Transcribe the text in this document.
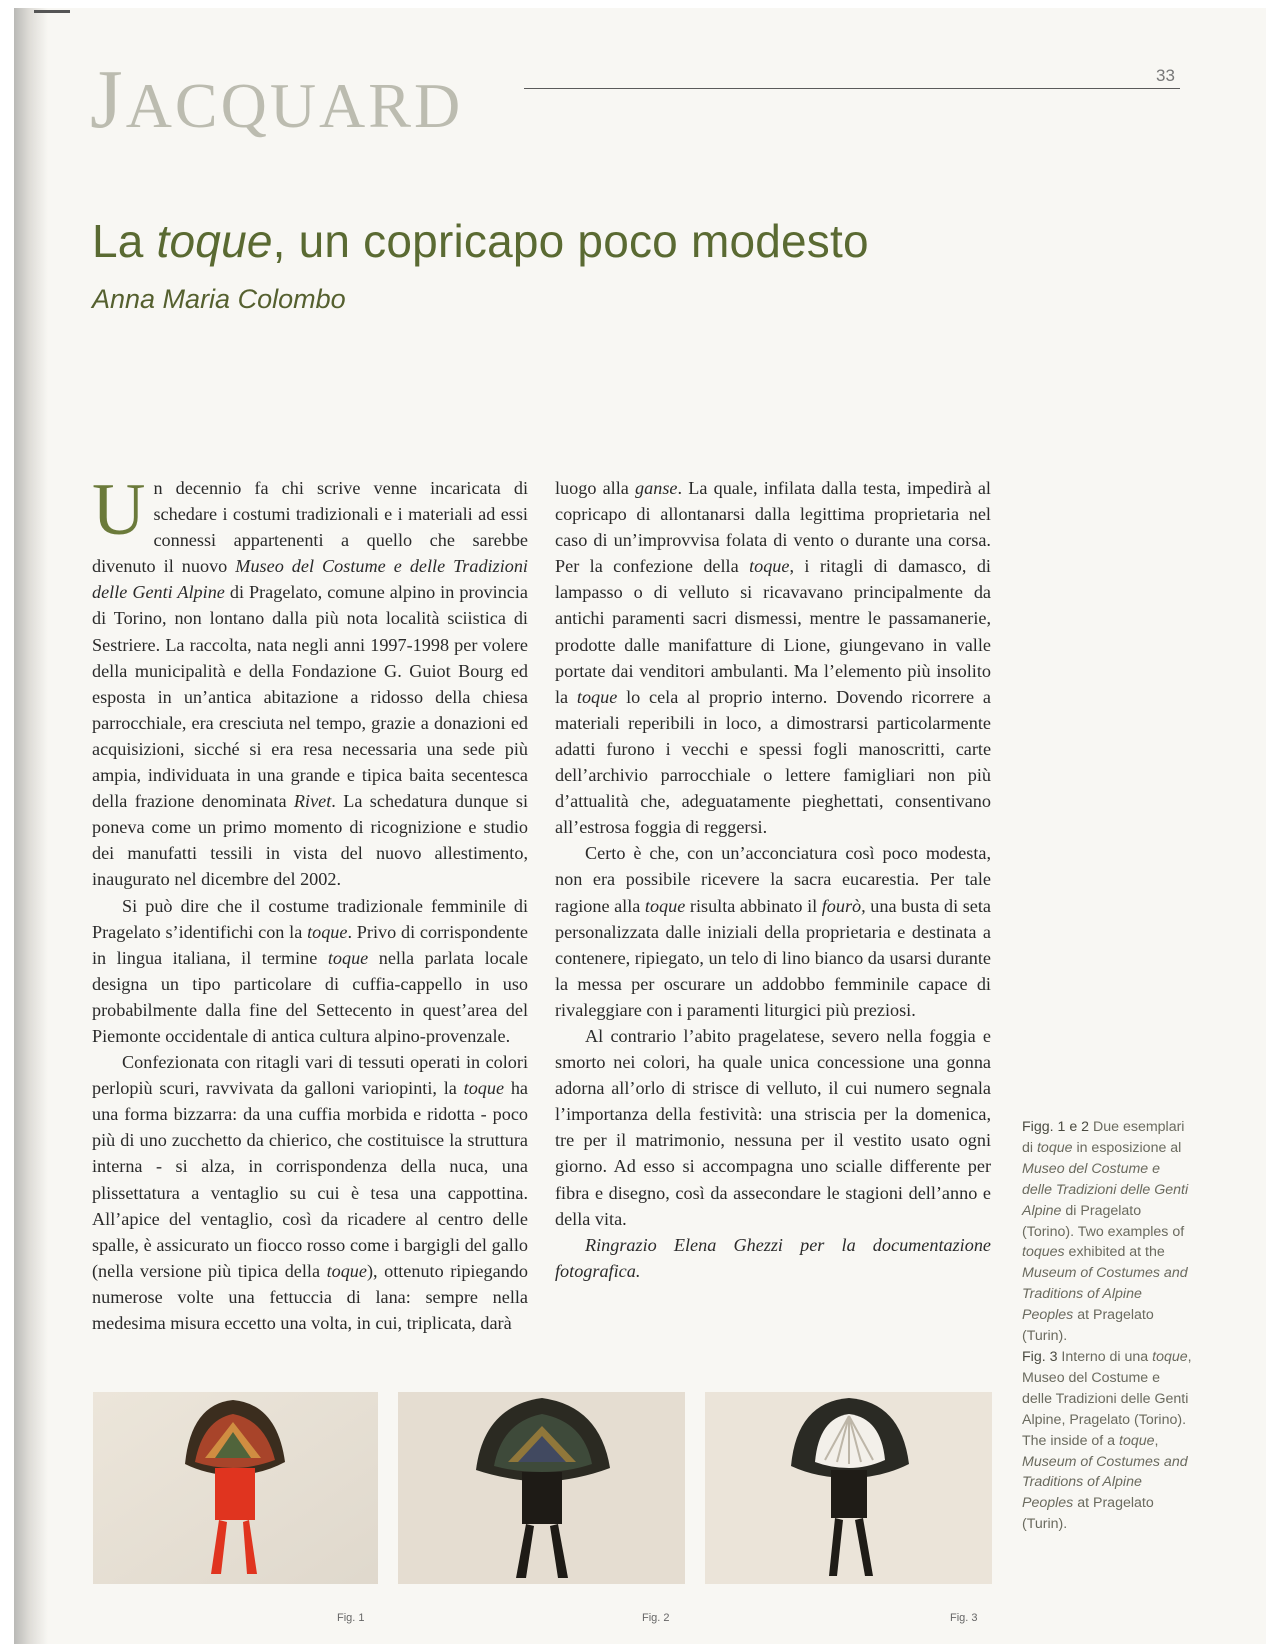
JACQUARD	33
La toque, un copricapo poco modesto
Anna Maria Colombo

Un decennio fa chi scrive venne incaricata di schedare i costumi tradizionali e i materiali ad essi connessi appartenenti a quello che sarebbe divenuto il nuovo Museo del Costume e delle Tradizioni delle Genti Alpine di Pragelato, comune alpino in provincia di Torino, non lontano dalla più nota località sciistica di Sestriere. La raccolta, nata negli anni 1997-1998 per volere della municipalità e della Fondazione G. Guiot Bourg ed esposta in un’antica abitazione a ridosso della chiesa parrocchiale, era cresciuta nel tempo, grazie a donazioni ed acquisizioni, sicché si era resa necessaria una sede più ampia, individuata in una grande e tipica baita secentesca della frazione denominata Rivet. La schedatura dunque si poneva come un primo momento di ricognizione e studio dei manufatti tessili in vista del nuovo allestimento, inaugurato nel dicembre del 2002.

Si può dire che il costume tradizionale femminile di Pragelato s’identifichi con la toque. Privo di corrispondente in lingua italiana, il termine toque nella parlata locale designa un tipo particolare di cuffia-cappello in uso probabilmente dalla fine del Settecento in quest’area del Piemonte occidentale di antica cultura alpino-provenzale.

Confezionata con ritagli vari di tessuti operati in colori perlopiù scuri, ravvivata da galloni variopinti, la toque ha una forma bizzarra: da una cuffia morbida e ridotta - poco più di uno zucchetto da chierico, che costituisce la struttura interna - si alza, in corrispondenza della nuca, una plissettatura a ventaglio su cui è tesa una cappottina. All’apice del ventaglio, così da ricadere al centro delle spalle, è assicurato un fiocco rosso come i bargigli del gallo (nella versione più tipica della toque), ottenuto ripiegando numerose volte una fettuccia di lana: sempre nella medesima misura eccetto una volta, in cui, triplicata, darà

luogo alla ganse. La quale, infilata dalla testa, impedirà al copricapo di allontanarsi dalla legittima proprietaria nel caso di un’improvvisa folata di vento o durante una corsa. Per la confezione della toque, i ritagli di damasco, di lampasso o di velluto si ricavavano principalmente da antichi paramenti sacri dismessi, mentre le passamanerie, prodotte dalle manifatture di Lione, giungevano in valle portate dai venditori ambulanti. Ma l’elemento più insolito la toque lo cela al proprio interno. Dovendo ricorrere a materiali reperibili in loco, a dimostrarsi particolarmente adatti furono i vecchi e spessi fogli manoscritti, carte dell’archivio parrocchiale o lettere famigliari non più d’attualità che, adeguatamente pieghettati, consentivano all’estrosa foggia di reggersi.

Certo è che, con un’acconciatura così poco modesta, non era possibile ricevere la sacra eucarestia. Per tale ragione alla toque risulta abbinato il fourò, una busta di seta personalizzata dalle iniziali della proprietaria e destinata a contenere, ripiegato, un telo di lino bianco da usarsi durante la messa per oscurare un addobbo femminile capace di rivaleggiare con i paramenti liturgici più preziosi.

Al contrario l’abito pragelatese, severo nella foggia e smorto nei colori, ha quale unica concessione una gonna adorna all’orlo di strisce di velluto, il cui numero segnala l’importanza della festività: una striscia per la domenica, tre per il matrimonio, nessuna per il vestito usato ogni giorno. Ad esso si accompagna uno scialle differente per fibra e disegno, così da assecondare le stagioni dell’anno e della vita.

Ringrazio Elena Ghezzi per la documentazione fotografica.

Figg. 1 e 2 Due esemplari di toque in esposizione al Museo del Costume e delle Tradizioni delle Genti Alpine di Pragelato (Torino). Two examples of toques exhibited at the Museum of Costumes and Traditions of Alpine Peoples at Pragelato (Turin).
Fig. 3 Interno di una toque, Museo del Costume e delle Tradizioni delle Genti Alpine, Pragelato (Torino). The inside of a toque, Museum of Costumes and Traditions of Alpine Peoples at Pragelato (Turin).
Fig. 1	Fig. 2	Fig. 3
